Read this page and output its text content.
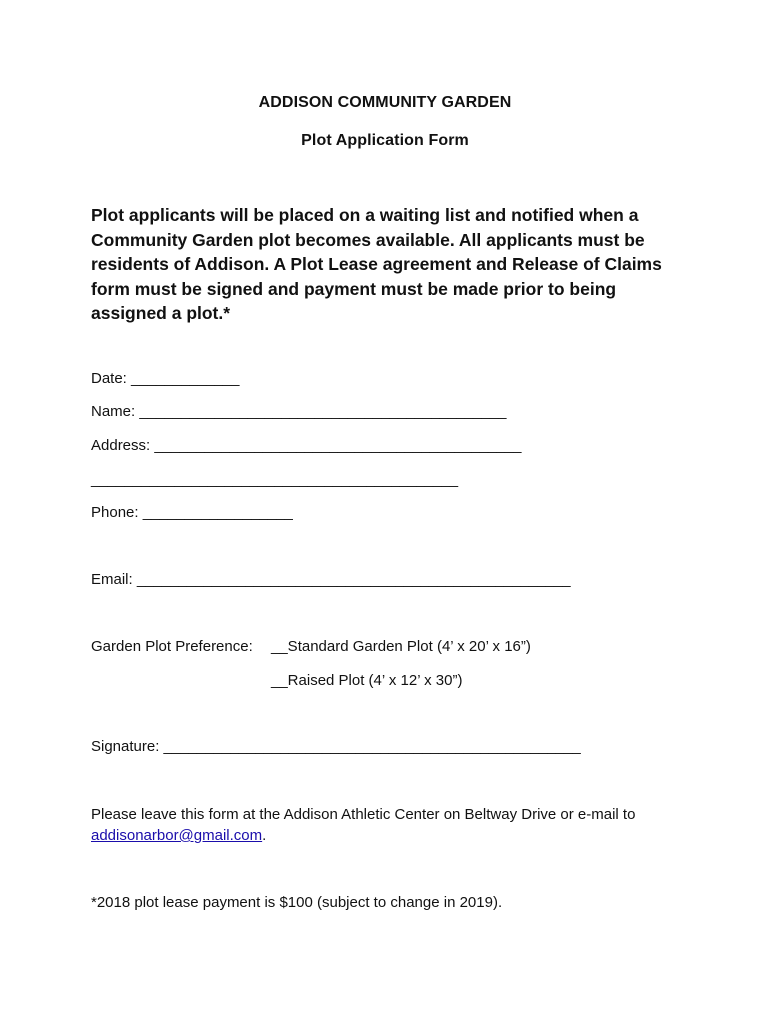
ADDISON COMMUNITY GARDEN
Plot Application Form
Plot applicants will be placed on a waiting list and notified when a
Community Garden plot becomes available. All applicants must be
residents of Addison. A Plot Lease agreement and Release of Claims
form must be signed and payment must be made prior to being
assigned a plot.*
Date: _____________
Name: ____________________________________________
Address: ____________________________________________
____________________________________________
Phone: __________________
Email: ____________________________________________________
Garden Plot Preference: __Standard Garden Plot (4’ x 20’ x 16”)
__Raised Plot (4’ x 12’ x 30”)
Signature: __________________________________________________
Please leave this form at the Addison Athletic Center on Beltway Drive or e-mail to
addisonarbor@gmail.com.
*2018 plot lease payment is $100 (subject to change in 2019).
